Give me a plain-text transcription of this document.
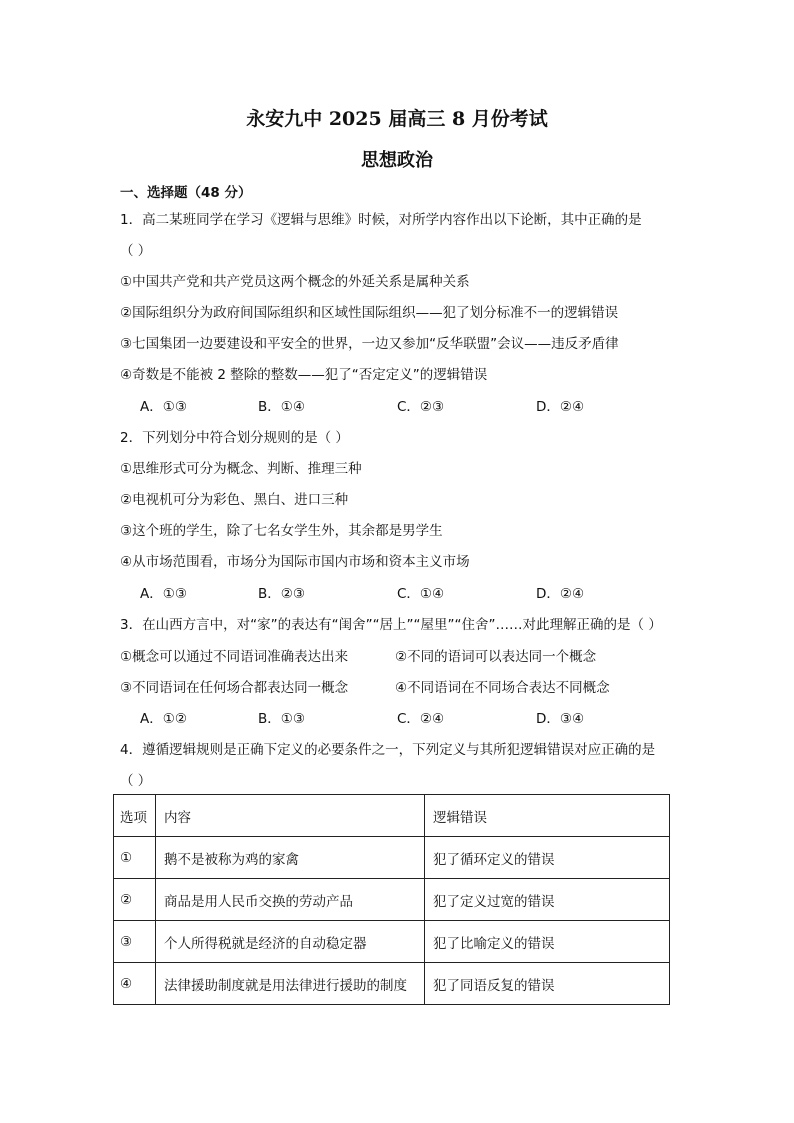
永安九中 2025 届高三 8 月份考试
思想政治
一、选择题（48 分）
1．高二某班同学在学习《逻辑与思维》时候，对所学内容作出以下论断，其中正确的是
（ ）
①中国共产党和共产党员这两个概念的外延关系是属种关系
②国际组织分为政府间国际组织和区域性国际组织——犯了划分标准不一的逻辑错误
③七国集团一边要建设和平安全的世界，一边又参加“反华联盟”会议——违反矛盾律
④奇数是不能被 2 整除的整数——犯了“否定定义”的逻辑错误
A．①③	B．①④	C．②③	D．②④
2．下列划分中符合划分规则的是（ ）
①思维形式可分为概念、判断、推理三种
②电视机可分为彩色、黑白、进口三种
③这个班的学生，除了七名女学生外，其余都是男学生
④从市场范围看，市场分为国际市国内市场和资本主义市场
A．①③	B．②③	C．①④	D．②④
3．在山西方言中，对“家”的表达有“闺舍”“居上”“屋里”“住舍”……对此理解正确的是（ ）
①概念可以通过不同语词准确表达出来	②不同的语词可以表达同一个概念
③不同语词在任何场合都表达同一概念	④不同语词在不同场合表达不同概念
A．①②	B．①③	C．②④	D．③④
4．遵循逻辑规则是正确下定义的必要条件之一，下列定义与其所犯逻辑错误对应正确的是
（ ）
选项	内容	逻辑错误
①	鹅不是被称为鸡的家禽	犯了循环定义的错误
②	商品是用人民币交换的劳动产品	犯了定义过宽的错误
③	个人所得税就是经济的自动稳定器	犯了比喻定义的错误
④	法律援助制度就是用法律进行援助的制度	犯了同语反复的错误
